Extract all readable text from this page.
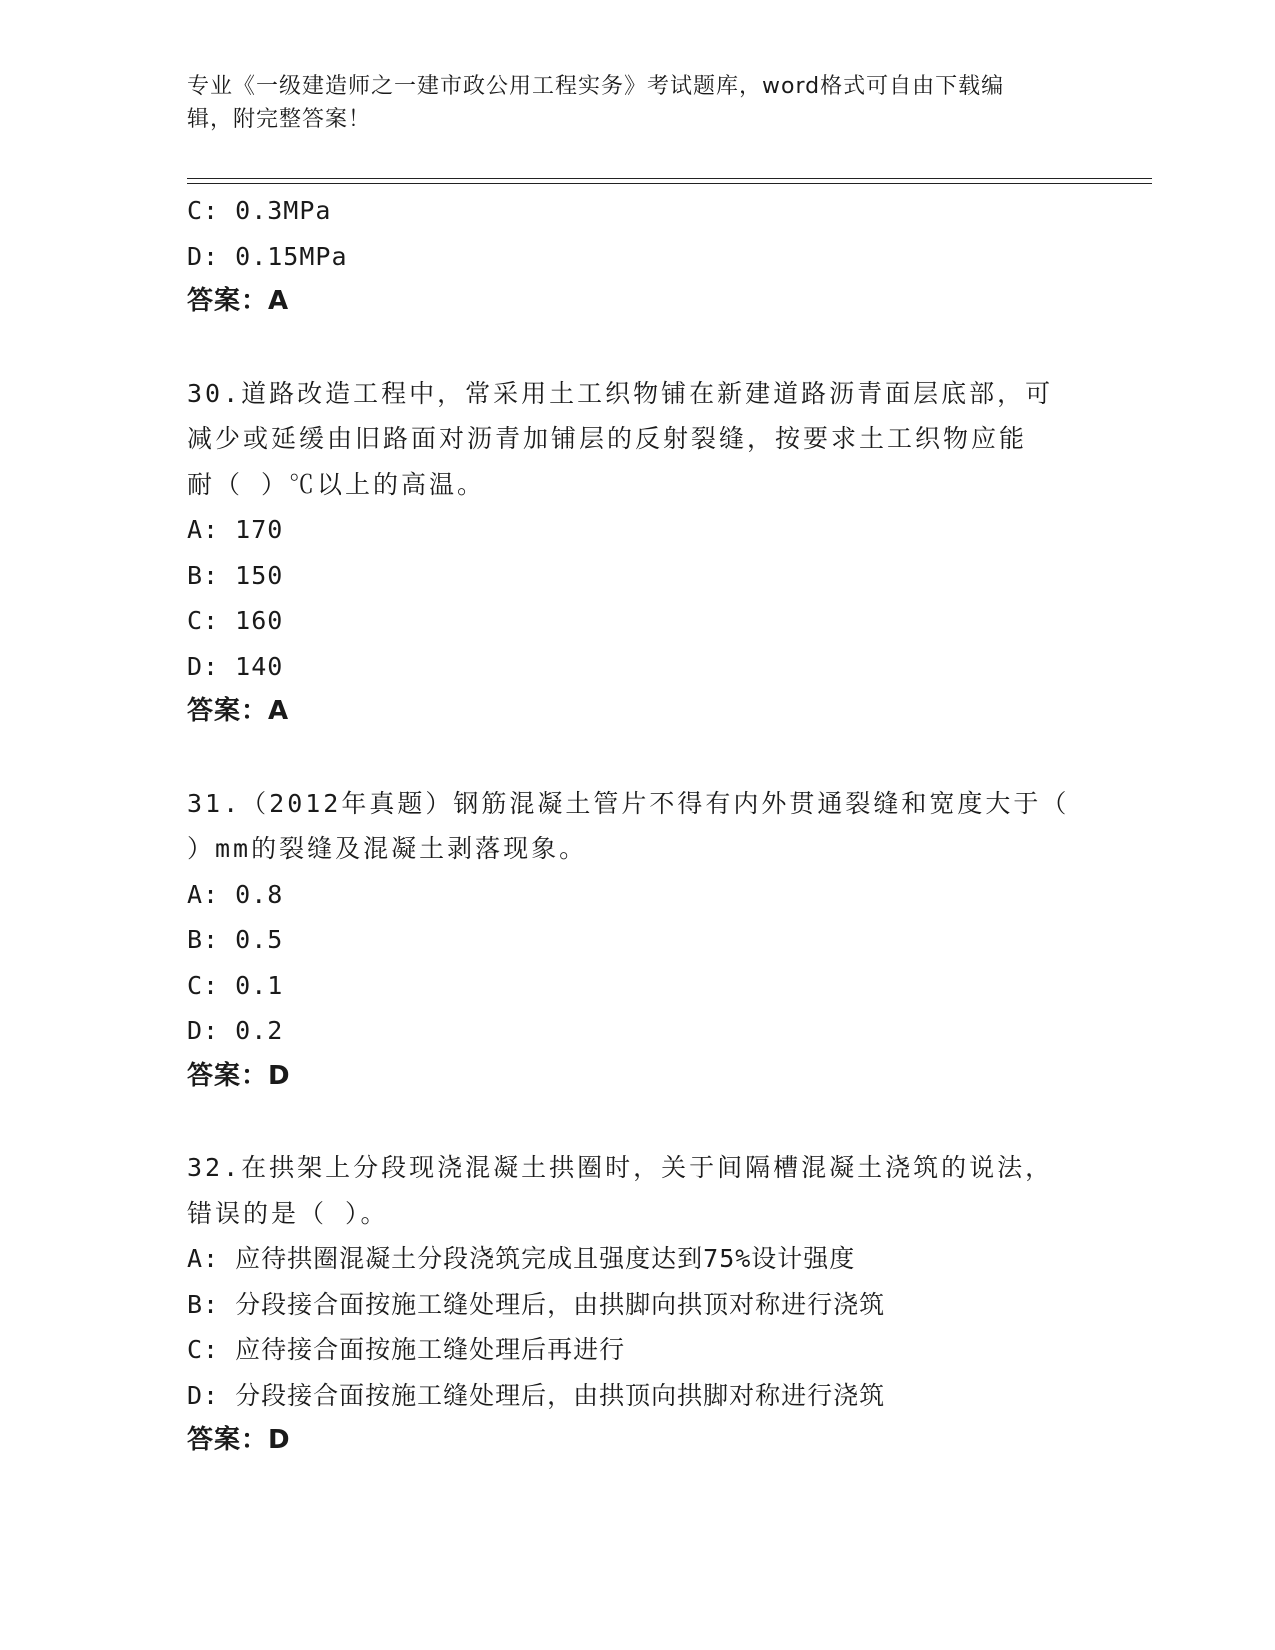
专业《一级建造师之一建市政公用工程实务》考试题库，word格式可自由下载编
辑，附完整答案！
C: 0.3MPa
D: 0.15MPa
答案：A
30.道路改造工程中，常采用土工织物铺在新建道路沥青面层底部，可
减少或延缓由旧路面对沥青加铺层的反射裂缝，按要求土工织物应能
耐（ ）℃以上的高温。
A: 170
B: 150
C: 160
D: 140
答案：A
31.（2012年真题）钢筋混凝土管片不得有内外贯通裂缝和宽度大于（
）mm的裂缝及混凝土剥落现象。
A: 0.8
B: 0.5
C: 0.1
D: 0.2
答案：D
32.在拱架上分段现浇混凝土拱圈时，关于间隔槽混凝土浇筑的说法，
错误的是（ ）。
A: 应待拱圈混凝土分段浇筑完成且强度达到75%设计强度
B: 分段接合面按施工缝处理后，由拱脚向拱顶对称进行浇筑
C: 应待接合面按施工缝处理后再进行
D: 分段接合面按施工缝处理后，由拱顶向拱脚对称进行浇筑
答案：D
